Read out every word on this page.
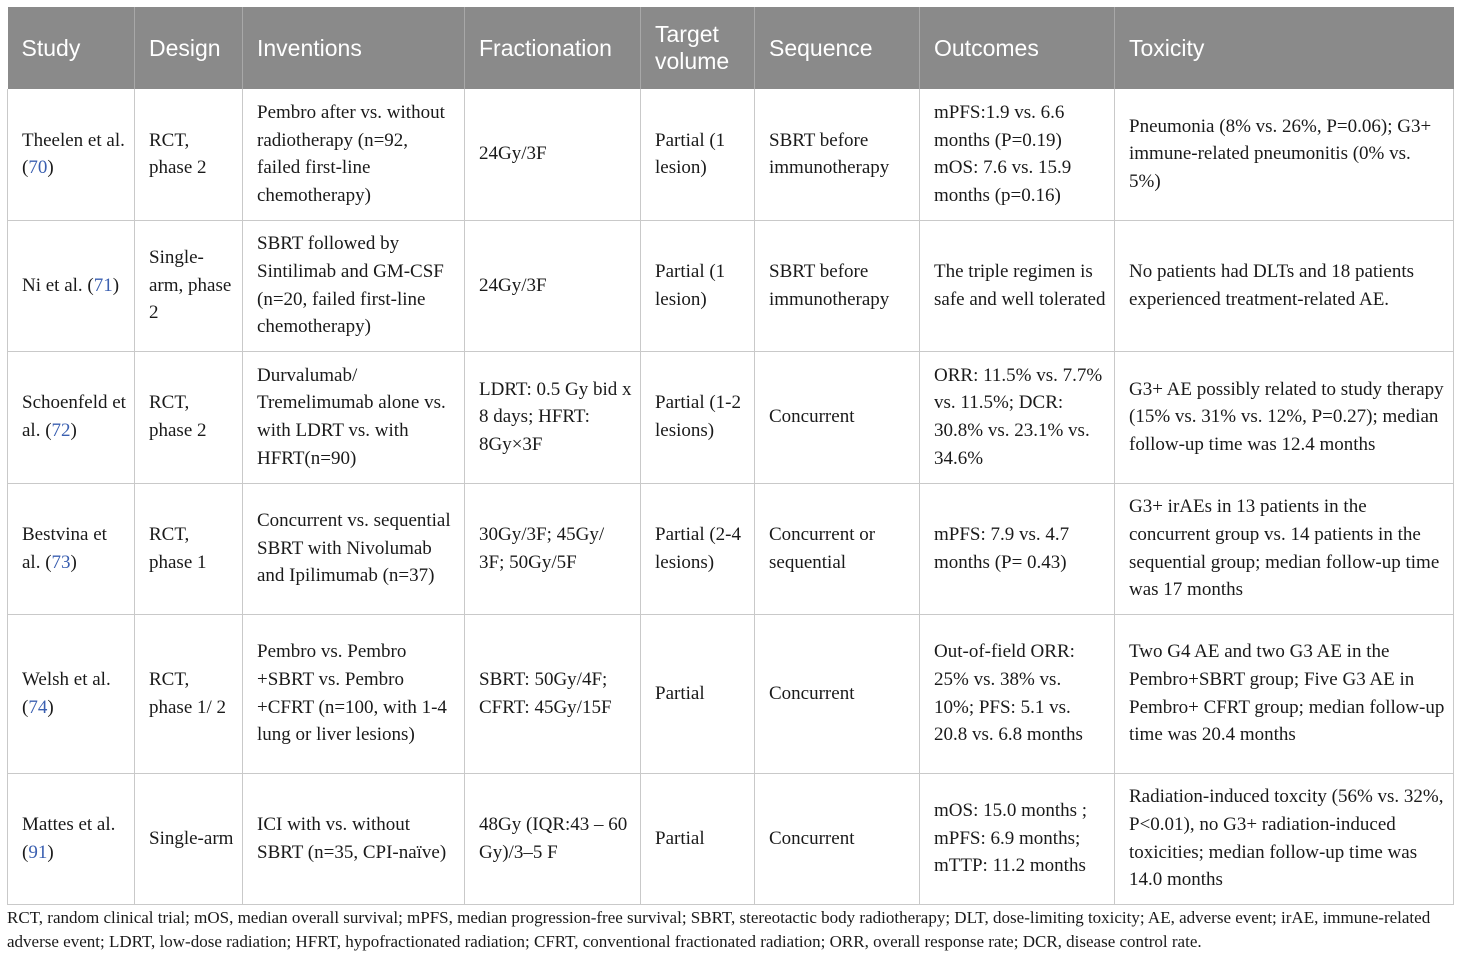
Study	Design	Inventions	Fractionation	Target volume	Sequence	Outcomes	Toxicity
Theelen et al. (70)	RCT, phase 2	Pembro after vs. without radiotherapy (n=92, failed first-line chemotherapy)	24Gy/3F	Partial (1 lesion)	SBRT before immunotherapy	mPFS:1.9 vs. 6.6 months (P=0.19) mOS: 7.6 vs. 15.9 months (p=0.16)	Pneumonia (8% vs. 26%, P=0.06); G3+ immune-related pneumonitis (0% vs. 5%)
Ni et al. (71)	Single-arm, phase 2	SBRT followed by Sintilimab and GM-CSF (n=20, failed first-line chemotherapy)	24Gy/3F	Partial (1 lesion)	SBRT before immunotherapy	The triple regimen is safe and well tolerated	No patients had DLTs and 18 patients experienced treatment-related AE.
Schoenfeld et al. (72)	RCT, phase 2	Durvalumab/ Tremelimumab alone vs. with LDRT vs. with HFRT(n=90)	LDRT: 0.5 Gy bid x 8 days; HFRT: 8Gy×3F	Partial (1-2 lesions)	Concurrent	ORR: 11.5% vs. 7.7% vs. 11.5%; DCR: 30.8% vs. 23.1% vs. 34.6%	G3+ AE possibly related to study therapy (15% vs. 31% vs. 12%, P=0.27); median follow-up time was 12.4 months
Bestvina et al. (73)	RCT, phase 1	Concurrent vs. sequential SBRT with Nivolumab and Ipilimumab (n=37)	30Gy/3F; 45Gy/ 3F; 50Gy/5F	Partial (2-4 lesions)	Concurrent or sequential	mPFS: 7.9 vs. 4.7 months (P= 0.43)	G3+ irAEs in 13 patients in the concurrent group vs. 14 patients in the sequential group; median follow-up time was 17 months
Welsh et al. (74)	RCT, phase 1/ 2	Pembro vs. Pembro +SBRT vs. Pembro +CFRT (n=100, with 1-4 lung or liver lesions)	SBRT: 50Gy/4F; CFRT: 45Gy/15F	Partial	Concurrent	Out-of-field ORR: 25% vs. 38% vs. 10%; PFS: 5.1 vs. 20.8 vs. 6.8 months	Two G4 AE and two G3 AE in the Pembro+SBRT group; Five G3 AE in Pembro+ CFRT group; median follow-up time was 20.4 months
Mattes et al. (91)	Single-arm	ICI with vs. without SBRT (n=35, CPI-naïve)	48Gy (IQR:43 – 60 Gy)/3–5 F	Partial	Concurrent	mOS: 15.0 months ; mPFS: 6.9 months; mTTP: 11.2 months	Radiation-induced toxcity (56% vs. 32%, P<0.01), no G3+ radiation-induced toxicities; median follow-up time was 14.0 months
RCT, random clinical trial; mOS, median overall survival; mPFS, median progression-free survival; SBRT, stereotactic body radiotherapy; DLT, dose-limiting toxicity; AE, adverse event; irAE, immune-related adverse event; LDRT, low-dose radiation; HFRT, hypofractionated radiation; CFRT, conventional fractionated radiation; ORR, overall response rate; DCR, disease control rate.
